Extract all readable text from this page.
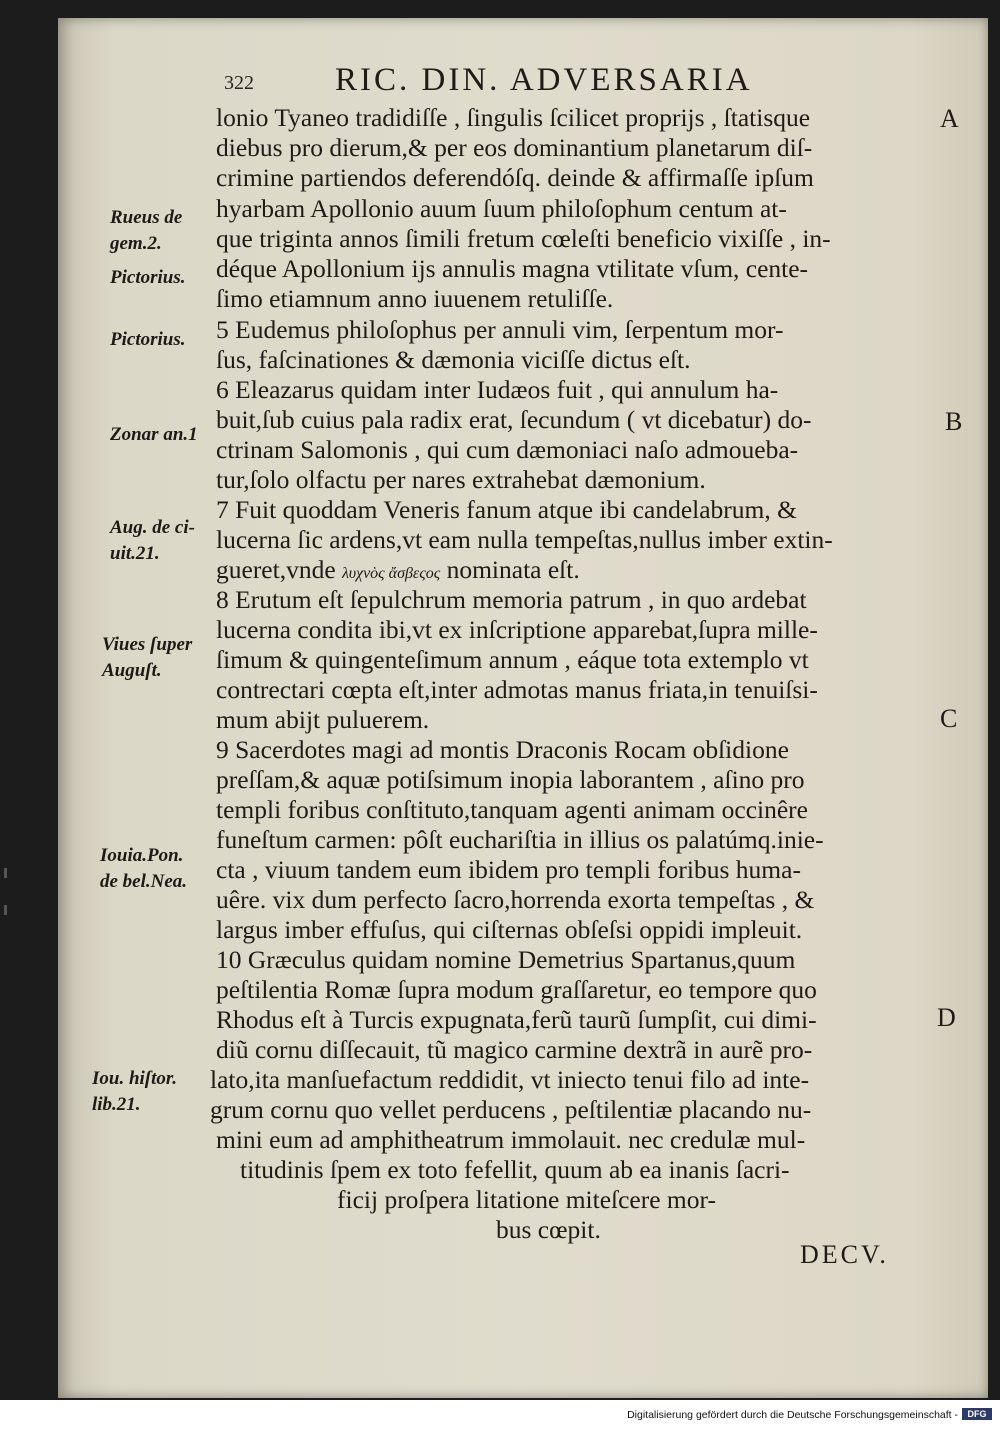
322 RIC. DIN. ADVERSARIA
lonio Tyaneo tradidiſſe , ſingulis ſcilicet proprijs , ſtatisque
diebus pro dierum,& per eos dominantium planetarum diſ-
crimine partiendos deferendóſq. deinde & affirmaſſe ipſum
hyarbam Apollonio auum ſuum philoſophum centum at-
que triginta annos ſimili fretum cœleſti beneficio vixiſſe , in-
déque Apollonium ijs annulis magna vtilitate vſum, cente-
ſimo etiamnum anno iuuenem retuliſſe.
5 Eudemus philoſophus per annuli vim, ſerpentum mor-
ſus, faſcinationes & dæmonia viciſſe dictus eſt.
6 Eleazarus quidam inter Iudæos fuit , qui annulum ha-
buit,ſub cuius pala radix erat, ſecundum ( vt dicebatur) do-
ctrinam Salomonis , qui cum dæmoniaci naſo admoueba-
tur,ſolo olfactu per nares extrahebat dæmonium.
7 Fuit quoddam Veneris fanum atque ibi candelabrum, &
lucerna ſic ardens,vt eam nulla tempeſtas,nullus imber extin-
gueret,vnde λυχνὸς ἄσβεςος nominata eſt.
8 Erutum eſt ſepulchrum memoria patrum , in quo ardebat
lucerna condita ibi,vt ex inſcriptione apparebat,ſupra mille-
ſimum & quingenteſimum annum , eáque tota extemplo vt
contrectari cœpta eſt,inter admotas manus friata,in tenuiſsi-
mum abijt puluerem.
9 Sacerdotes magi ad montis Draconis Rocam obſidione
preſſam,& aquæ potiſsimum inopia laborantem , aſino pro
templi foribus conſtituto,tanquam agenti animam occinêre
funeſtum carmen: pôſt euchariſtia in illius os palatúmq.inie-
cta , viuum tandem eum ibidem pro templi foribus huma-
uêre. vix dum perfecto ſacro,horrenda exorta tempeſtas , &
largus imber effuſus, qui ciſternas obſeſsi oppidi impleuit.
10 Græculus quidam nomine Demetrius Spartanus,quum
peſtilentia Romæ ſupra modum graſſaretur, eo tempore quo
Rhodus eſt à Turcis expugnata,ferũ taurũ ſumpſit, cui dimi-
diũ cornu diſſecauit, tũ magico carmine dextrã in aurẽ pro-
lato,ita manſuefactum reddidit, vt iniecto tenui filo ad inte-
grum cornu quo vellet perducens , peſtilentiæ placando nu-
mini eum ad amphitheatrum immolauit. nec credulæ mul-
titudinis ſpem ex toto fefellit, quum ab ea inanis ſacri-
ficij proſpera litatione miteſcere mor-
bus cœpit.
Rueus de
gem.2.
Pictorius.
Pictorius.
Zonar an.1
Aug. de ci-
uit.21.
Viues ſuper
Auguſt.
Iouia.Pon.
de bel.Nea.
Iou. hiſtor.
lib.21.
A
B
C
D
DECV.
Digitalisierung gefördert durch die Deutsche Forschungsgemeinschaft -	DFG
